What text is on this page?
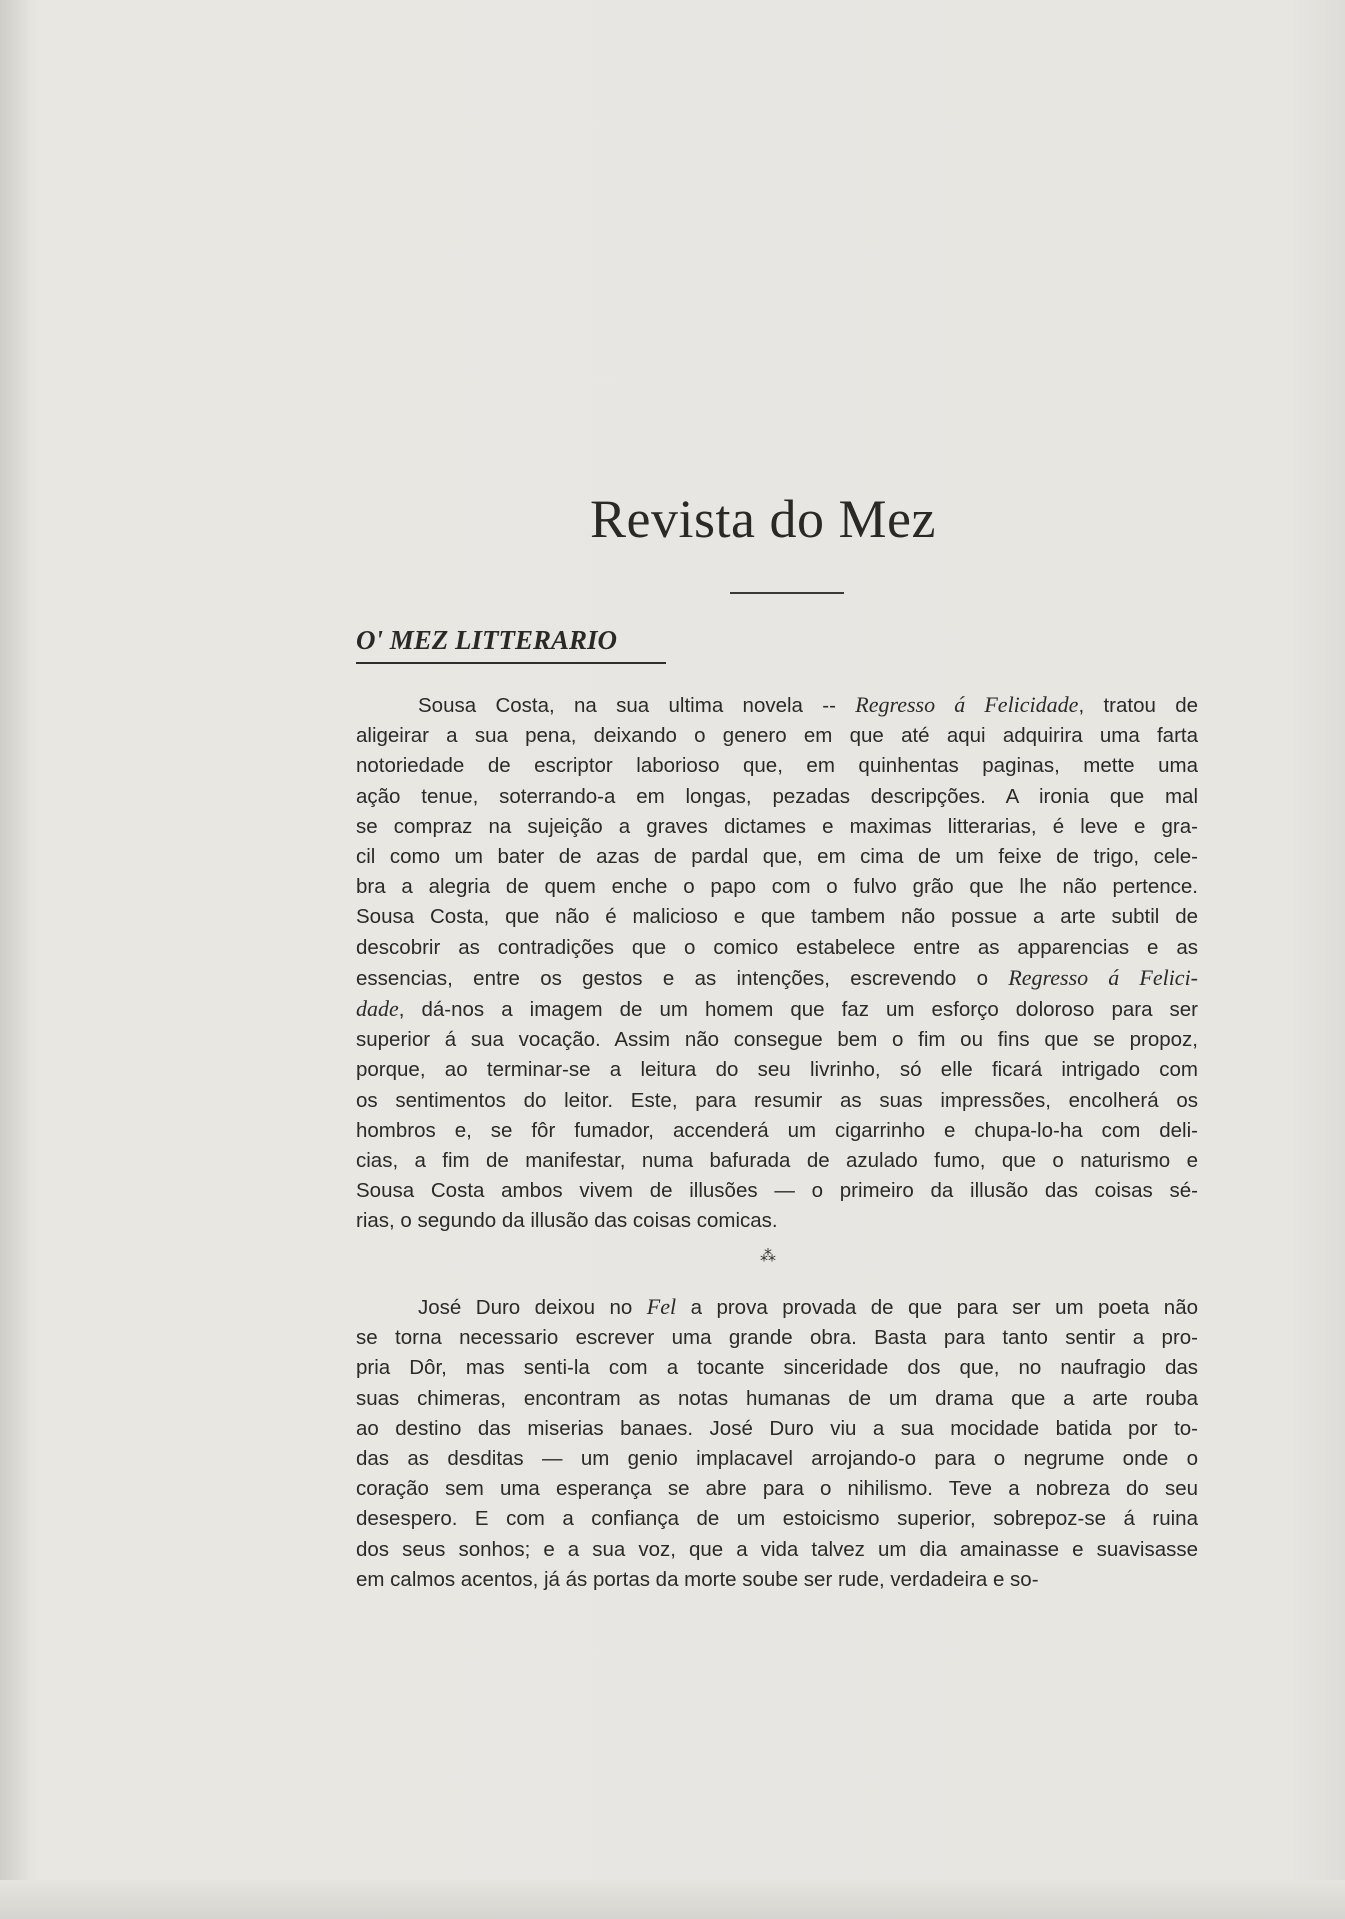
Revista do Mez
O' MEZ LITTERARIO
Sousa Costa, na sua ultima novela -- Regresso á Felicidade, tratou de
aligeirar a sua pena, deixando o genero em que até aqui adquirira uma farta
notoriedade de escriptor laborioso que, em quinhentas paginas, mette uma
ação tenue, soterrando-a em longas, pezadas descripções. A ironia que mal
se compraz na sujeição a graves dictames e maximas litterarias, é leve e gra-
cil como um bater de azas de pardal que, em cima de um feixe de trigo, cele-
bra a alegria de quem enche o papo com o fulvo grão que lhe não pertence.
Sousa Costa, que não é malicioso e que tambem não possue a arte subtil de
descobrir as contradições que o comico estabelece entre as apparencias e as
essencias, entre os gestos e as intenções, escrevendo o Regresso á Felici-
dade, dá-nos a imagem de um homem que faz um esforço doloroso para ser
superior á sua vocação. Assim não consegue bem o fim ou fins que se propoz,
porque, ao terminar-se a leitura do seu livrinho, só elle ficará intrigado com
os sentimentos do leitor. Este, para resumir as suas impressões, encolherá os
hombros e, se fôr fumador, accenderá um cigarrinho e chupa-lo-ha com deli-
cias, a fim de manifestar, numa bafurada de azulado fumo, que o naturismo e
Sousa Costa ambos vivem de illusões — o primeiro da illusão das coisas sé-
rias, o segundo da illusão das coisas comicas.
⁂
José Duro deixou no Fel a prova provada de que para ser um poeta não
se torna necessario escrever uma grande obra. Basta para tanto sentir a pro-
pria Dôr, mas senti-la com a tocante sinceridade dos que, no naufragio das
suas chimeras, encontram as notas humanas de um drama que a arte rouba
ao destino das miserias banaes. José Duro viu a sua mocidade batida por to-
das as desditas — um genio implacavel arrojando-o para o negrume onde o
coração sem uma esperança se abre para o nihilismo. Teve a nobreza do seu
desespero. E com a confiança de um estoicismo superior, sobrepoz-se á ruina
dos seus sonhos; e a sua voz, que a vida talvez um dia amainasse e suavisasse
em calmos acentos, já ás portas da morte soube ser rude, verdadeira e so-
